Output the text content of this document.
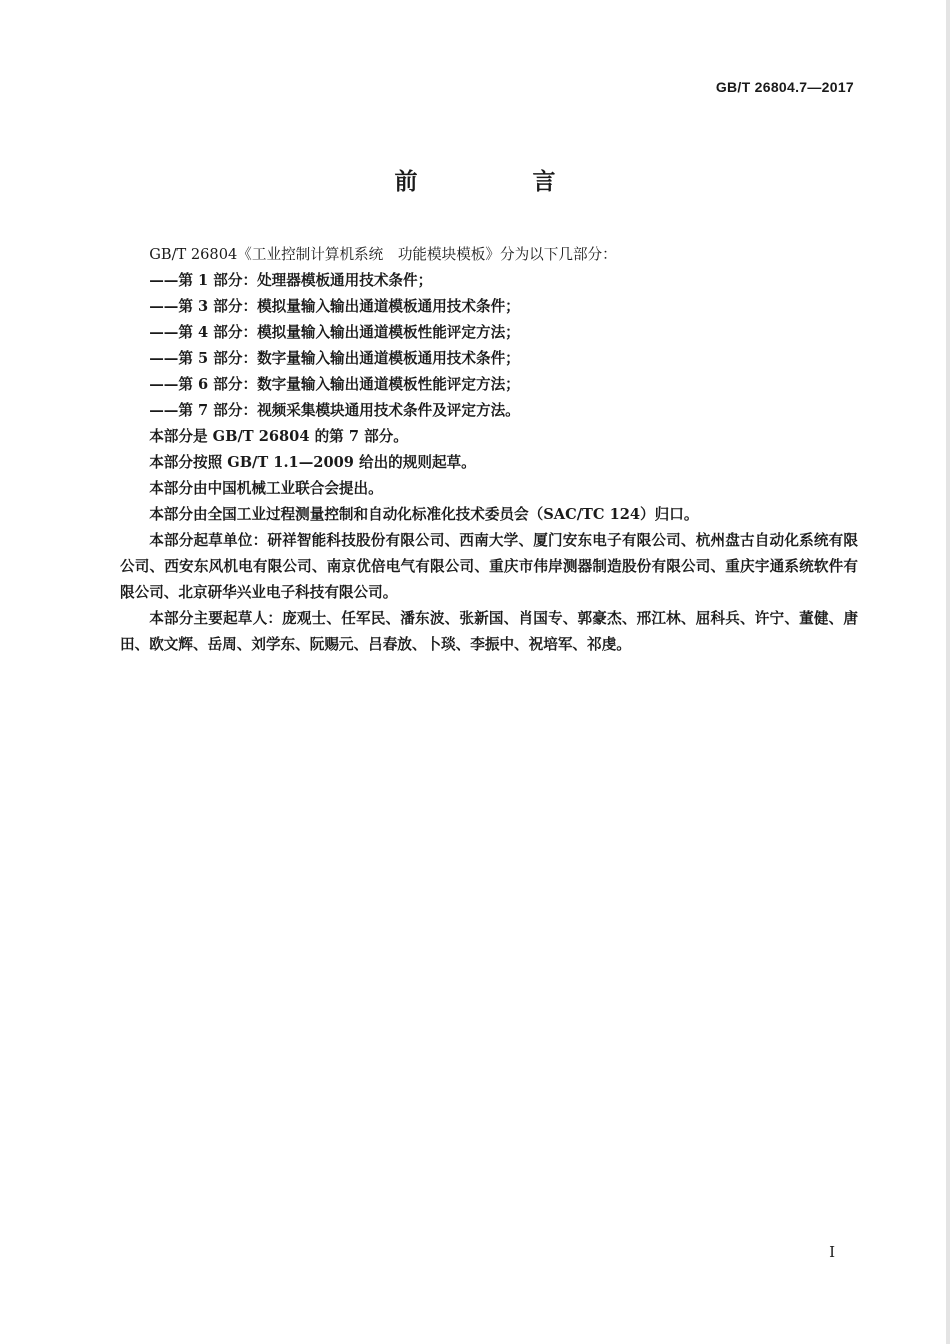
GB/T 26804.7—2017
前　言

GB/T 26804《工业控制计算机系统　功能模块模板》分为以下几部分：

——第 1 部分：处理器模板通用技术条件；

——第 3 部分：模拟量输入输出通道模板通用技术条件；

——第 4 部分：模拟量输入输出通道模板性能评定方法；

——第 5 部分：数字量输入输出通道模板通用技术条件；

——第 6 部分：数字量输入输出通道模板性能评定方法；

——第 7 部分：视频采集模块通用技术条件及评定方法。

本部分是 GB/T 26804 的第 7 部分。

本部分按照 GB/T 1.1—2009 给出的规则起草。

本部分由中国机械工业联合会提出。

本部分由全国工业过程测量控制和自动化标准化技术委员会（SAC/TC 124）归口。

本部分起草单位：研祥智能科技股份有限公司、西南大学、厦门安东电子有限公司、杭州盘古自动化系统有限公司、西安东风机电有限公司、南京优倍电气有限公司、重庆市伟岸测器制造股份有限公司、重庆宇通系统软件有限公司、北京研华兴业电子科技有限公司。

本部分主要起草人：庞观士、任军民、潘东波、张新国、肖国专、郭豪杰、邢江林、屈科兵、许宁、董健、唐田、欧文辉、岳周、刘学东、阮赐元、吕春放、卜琰、李振中、祝培军、祁虔。

I
